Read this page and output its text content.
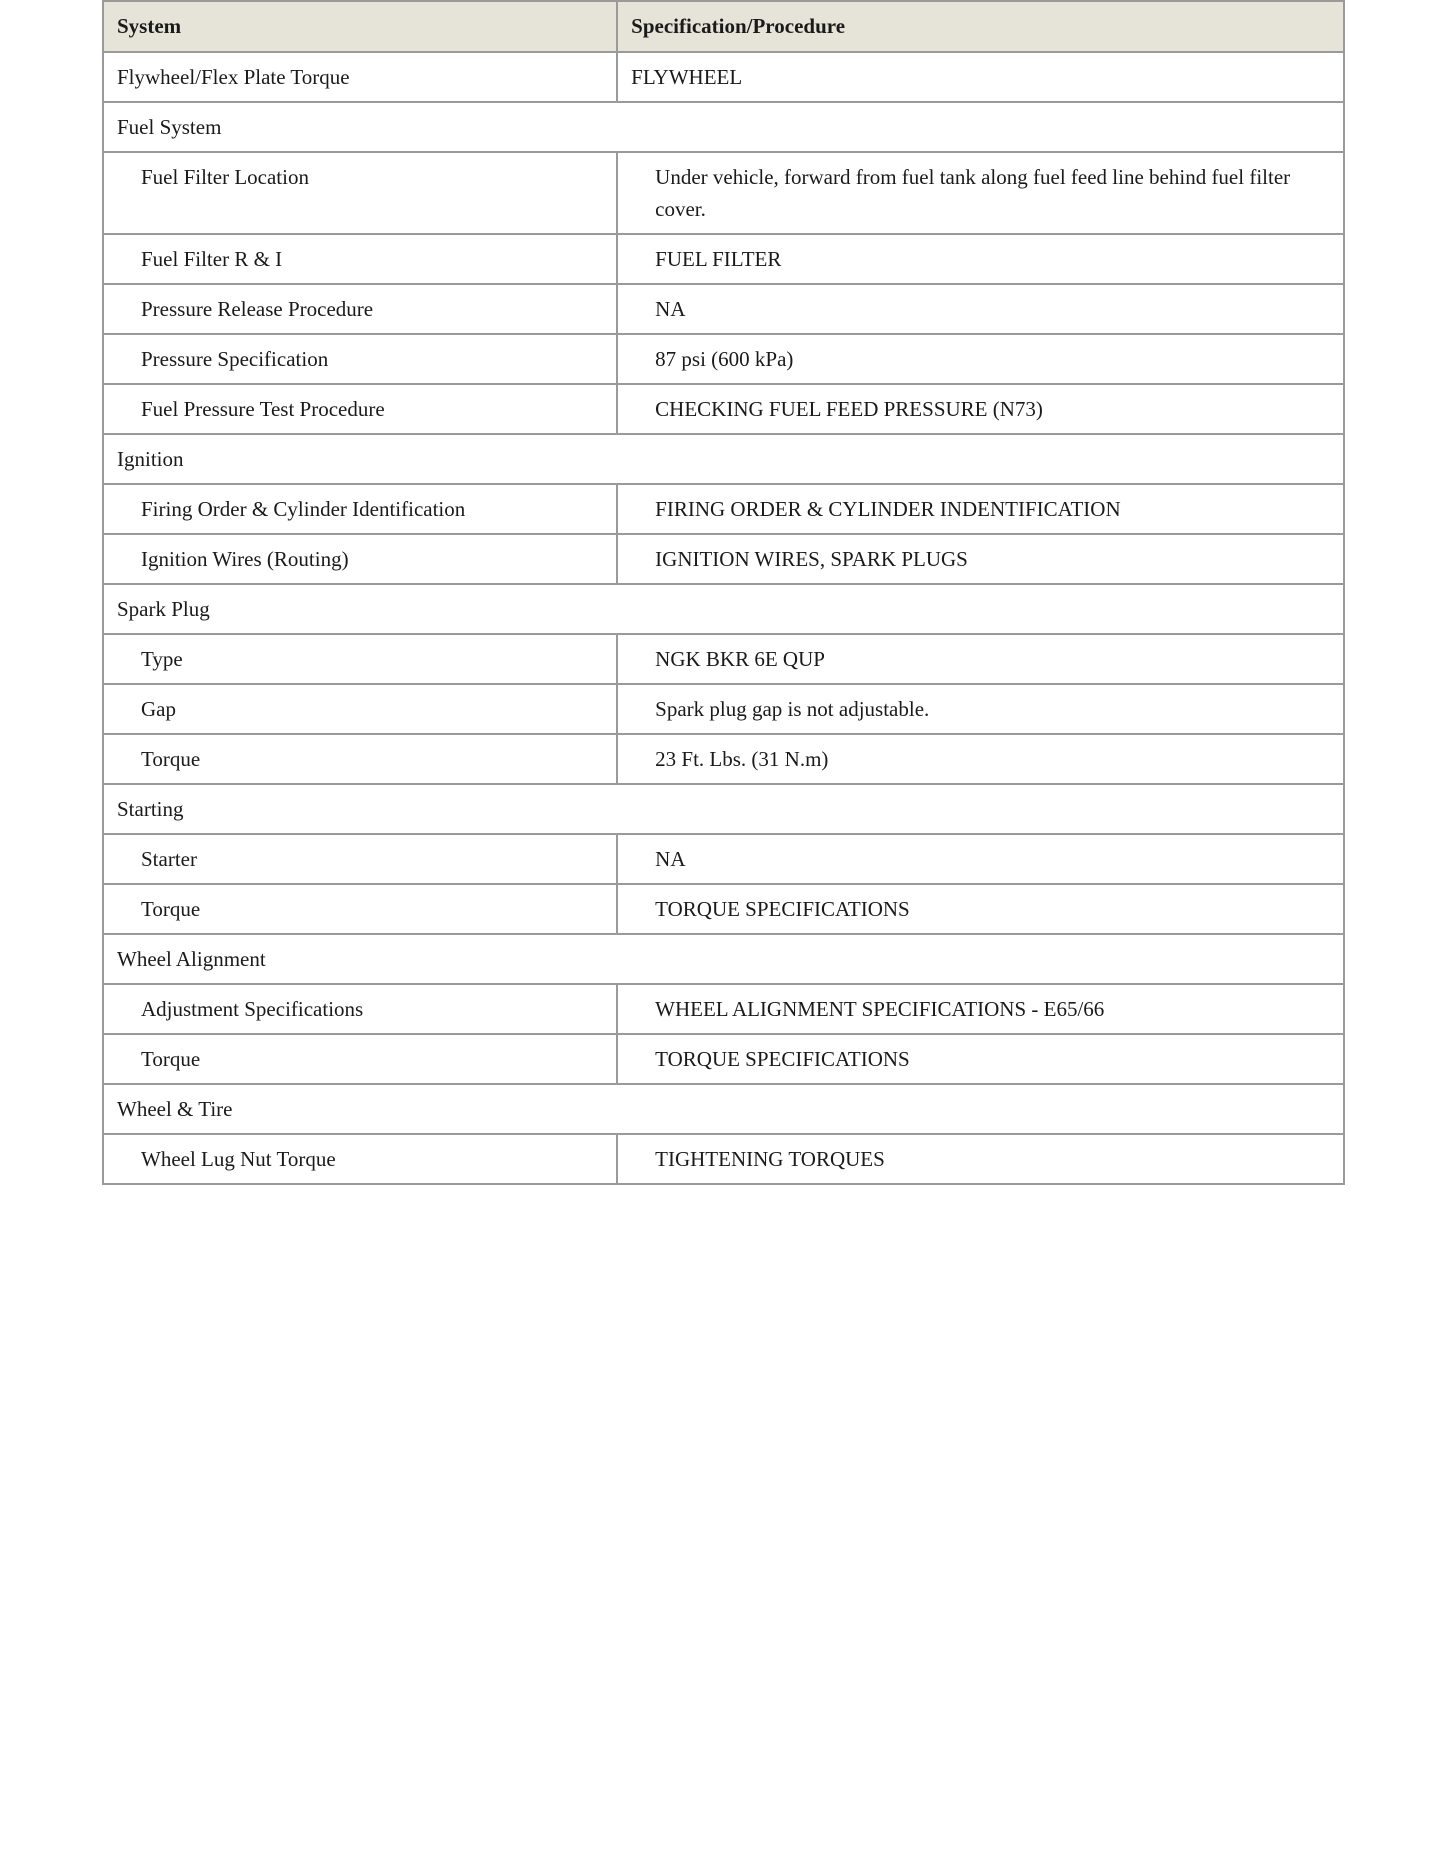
System	Specification/Procedure
Flywheel/Flex Plate Torque	FLYWHEEL
Fuel System	
Fuel Filter Location	Under vehicle, forward from fuel tank along fuel feed line behind fuel filter cover.
Fuel Filter R & I	FUEL FILTER
Pressure Release Procedure	NA
Pressure Specification	87 psi (600 kPa)
Fuel Pressure Test Procedure	CHECKING FUEL FEED PRESSURE (N73)
Ignition	
Firing Order & Cylinder Identification	FIRING ORDER & CYLINDER INDENTIFICATION
Ignition Wires (Routing)	IGNITION WIRES, SPARK PLUGS
Spark Plug	
Type	NGK BKR 6E QUP
Gap	Spark plug gap is not adjustable.
Torque	23 Ft. Lbs. (31 N.m)
Starting	
Starter	NA
Torque	TORQUE SPECIFICATIONS
Wheel Alignment	
Adjustment Specifications	WHEEL ALIGNMENT SPECIFICATIONS - E65/66
Torque	TORQUE SPECIFICATIONS
Wheel & Tire	
Wheel Lug Nut Torque	TIGHTENING TORQUES
